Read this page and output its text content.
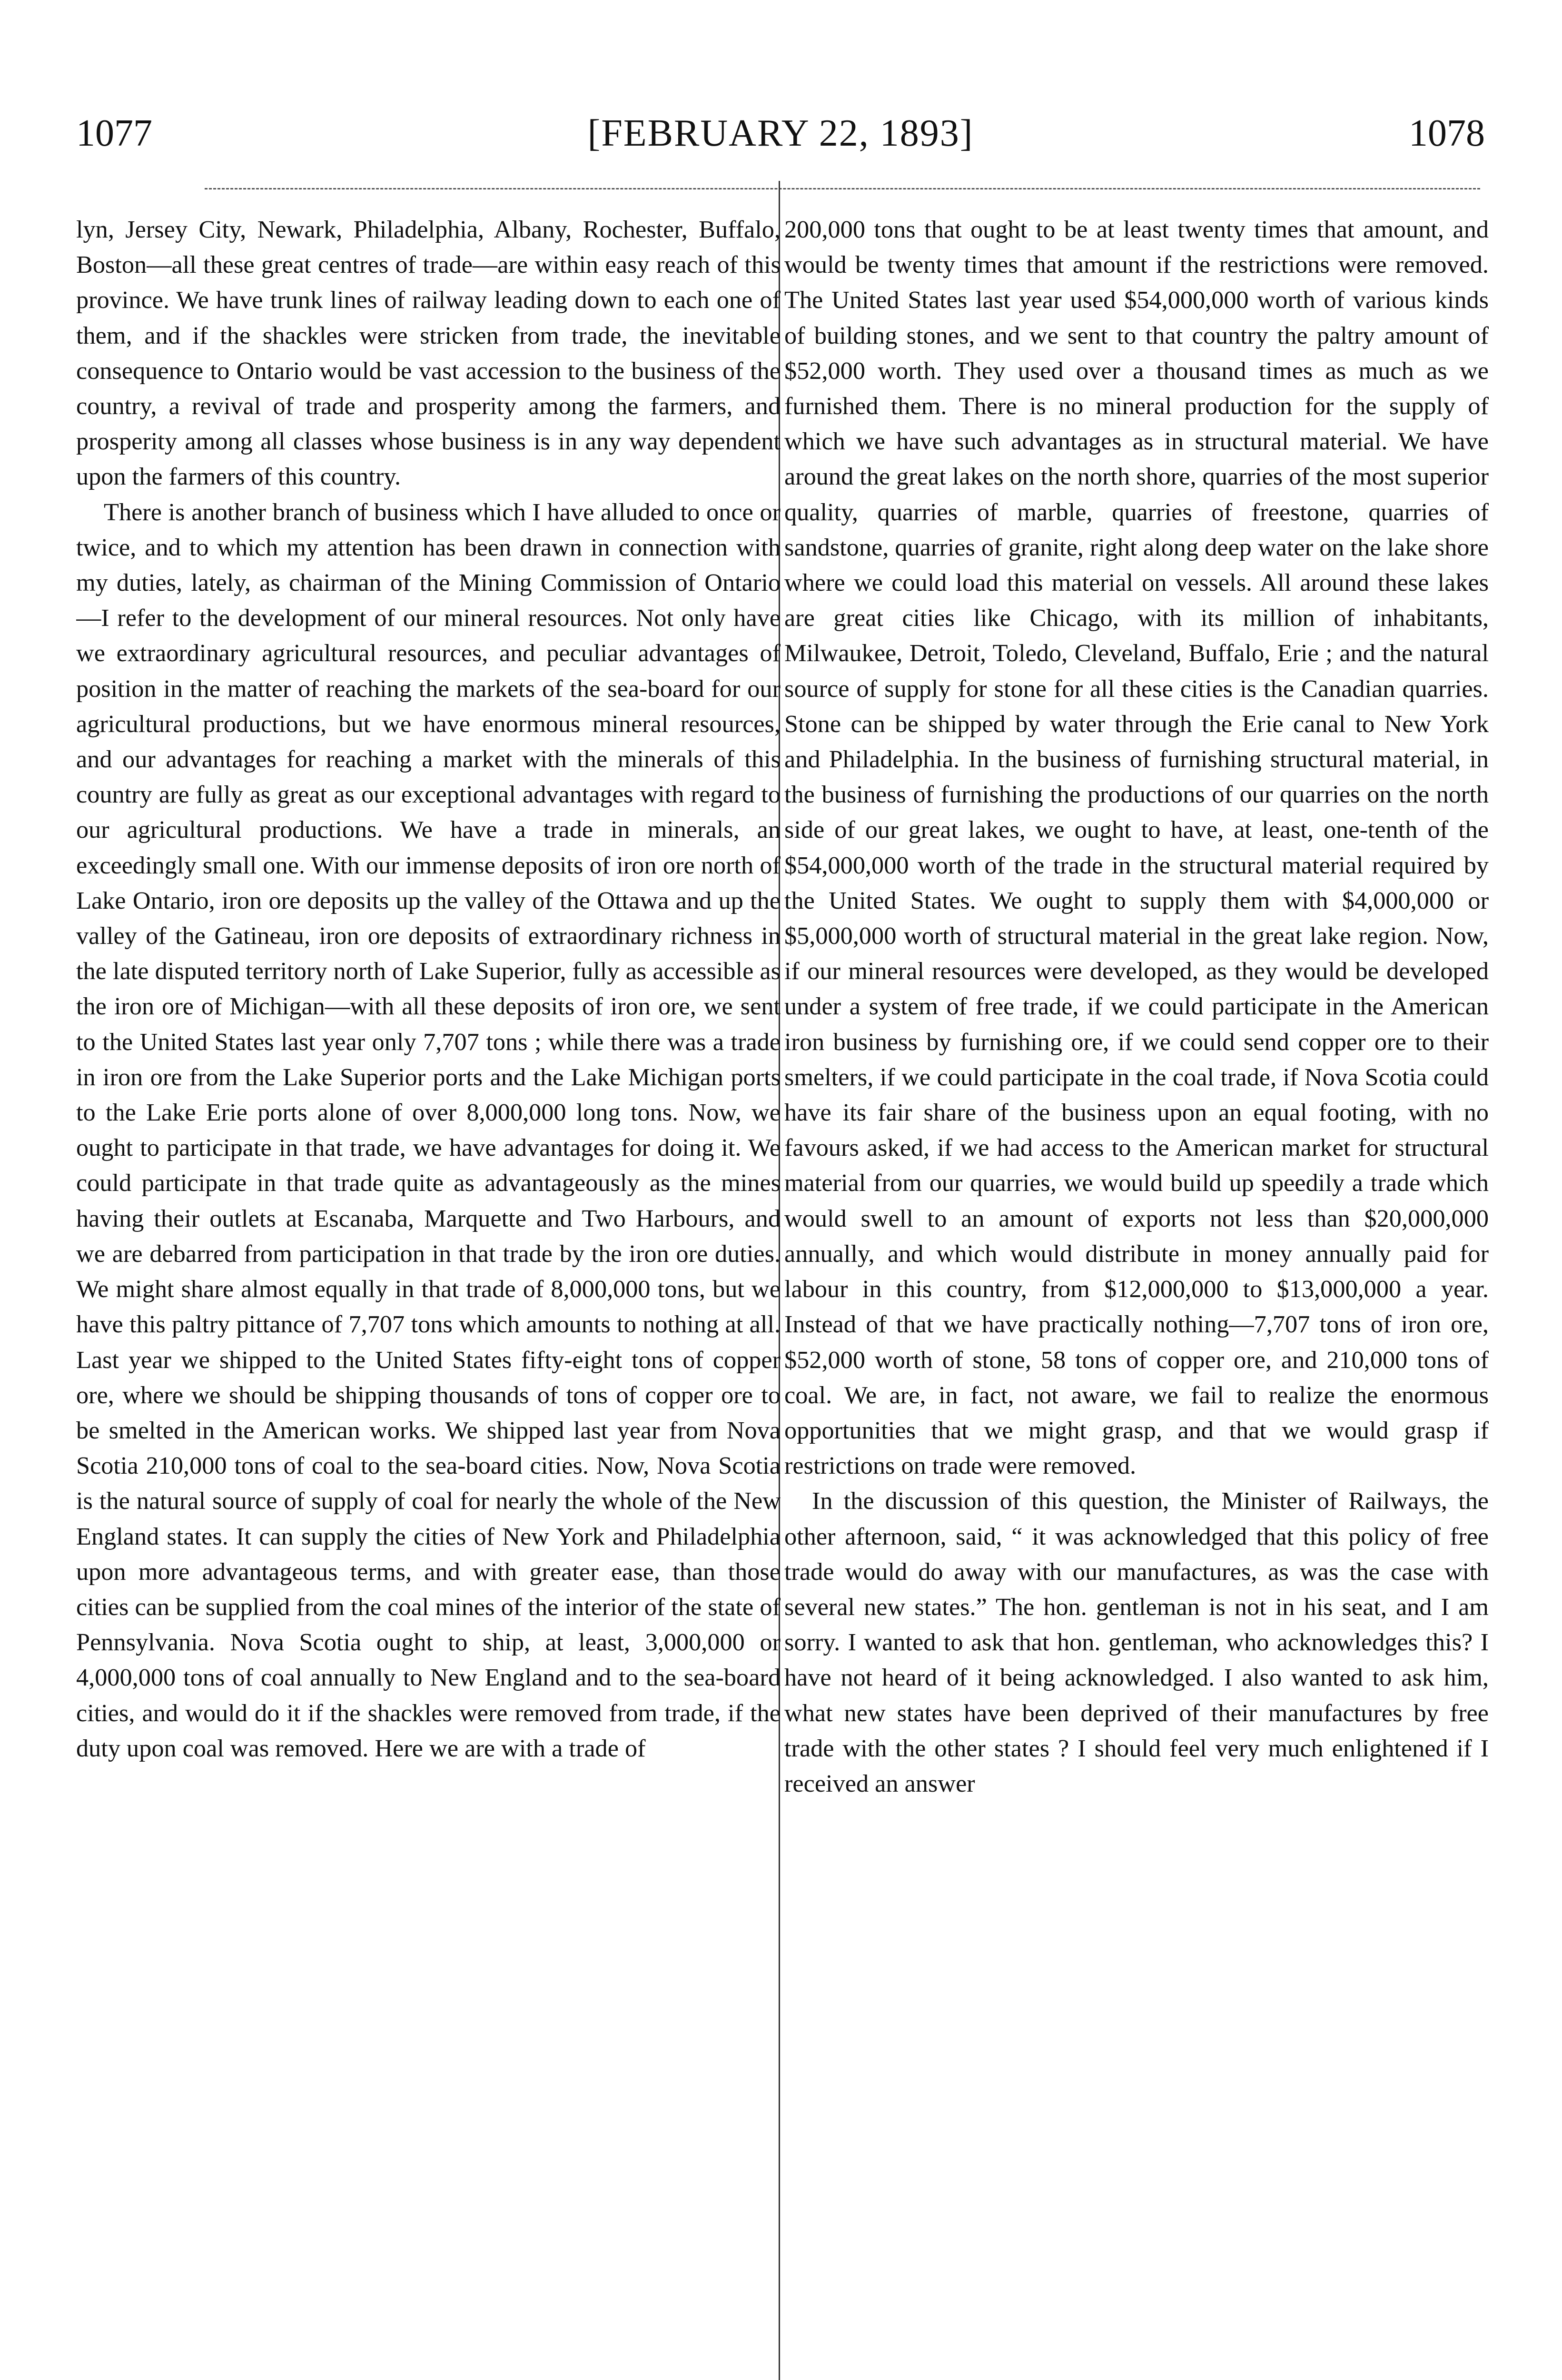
1077	[FEBRUARY 22, 1893]	1078

lyn, Jersey City, Newark, Philadelphia, Albany, Rochester, Buffalo, Boston—all these great centres of trade—are within easy reach of this province. We have trunk lines of railway leading down to each one of them, and if the shackles were stricken from trade, the inevitable consequence to Ontario would be vast accession to the business of the country, a revival of trade and prosperity among the farmers, and prosperity among all classes whose business is in any way dependent upon the farmers of this country.

There is another branch of business which I have alluded to once or twice, and to which my attention has been drawn in connection with my duties, lately, as chairman of the Mining Commission of Ontario—I refer to the development of our mineral resources. Not only have we extraordinary agricultural resources, and peculiar advantages of position in the matter of reaching the markets of the sea-board for our agricultural productions, but we have enormous mineral resources, and our advantages for reaching a market with the minerals of this country are fully as great as our exceptional advantages with regard to our agricultural productions. We have a trade in minerals, an exceedingly small one. With our immense deposits of iron ore north of Lake Ontario, iron ore deposits up the valley of the Ottawa and up the valley of the Gatineau, iron ore deposits of extraordinary richness in the late disputed territory north of Lake Superior, fully as accessible as the iron ore of Michigan—with all these deposits of iron ore, we sent to the United States last year only 7,707 tons ; while there was a trade in iron ore from the Lake Superior ports and the Lake Michigan ports to the Lake Erie ports alone of over 8,000,000 long tons. Now, we ought to participate in that trade, we have advantages for doing it. We could participate in that trade quite as advantageously as the mines having their outlets at Escanaba, Marquette and Two Harbours, and we are debarred from participation in that trade by the iron ore duties. We might share almost equally in that trade of 8,000,000 tons, but we have this paltry pittance of 7,707 tons which amounts to nothing at all. Last year we shipped to the United States fifty-eight tons of copper ore, where we should be shipping thousands of tons of copper ore to be smelted in the American works. We shipped last year from Nova Scotia 210,000 tons of coal to the sea-board cities. Now, Nova Scotia is the natural source of supply of coal for nearly the whole of the New England states. It can supply the cities of New York and Philadelphia upon more advantageous terms, and with greater ease, than those cities can be supplied from the coal mines of the interior of the state of Pennsylvania. Nova Scotia ought to ship, at least, 3,000,000 or 4,000,000 tons of coal annually to New England and to the sea-board cities, and would do it if the shackles were removed from trade, if the duty upon coal was removed. Here we are with a trade of

200,000 tons that ought to be at least twenty times that amount, and would be twenty times that amount if the restrictions were removed. The United States last year used $54,000,000 worth of various kinds of building stones, and we sent to that country the paltry amount of $52,000 worth. They used over a thousand times as much as we furnished them. There is no mineral production for the supply of which we have such advantages as in structural material. We have around the great lakes on the north shore, quarries of the most superior quality, quarries of marble, quarries of freestone, quarries of sandstone, quarries of granite, right along deep water on the lake shore where we could load this material on vessels. All around these lakes are great cities like Chicago, with its million of inhabitants, Milwaukee, Detroit, Toledo, Cleveland, Buffalo, Erie ; and the natural source of supply for stone for all these cities is the Canadian quarries. Stone can be shipped by water through the Erie canal to New York and Philadelphia. In the business of furnishing structural material, in the business of furnishing the productions of our quarries on the north side of our great lakes, we ought to have, at least, one-tenth of the $54,000,000 worth of the trade in the structural material required by the United States. We ought to supply them with $4,000,000 or $5,000,000 worth of structural material in the great lake region. Now, if our mineral resources were developed, as they would be developed under a system of free trade, if we could participate in the American iron business by furnishing ore, if we could send copper ore to their smelters, if we could participate in the coal trade, if Nova Scotia could have its fair share of the business upon an equal footing, with no favours asked, if we had access to the American market for structural material from our quarries, we would build up speedily a trade which would swell to an amount of exports not less than $20,000,000 annually, and which would distribute in money annually paid for labour in this country, from $12,000,000 to $13,000,000 a year. Instead of that we have practically nothing—7,707 tons of iron ore, $52,000 worth of stone, 58 tons of copper ore, and 210,000 tons of coal. We are, in fact, not aware, we fail to realize the enormous opportunities that we might grasp, and that we would grasp if restrictions on trade were removed.

In the discussion of this question, the Minister of Railways, the other afternoon, said, “ it was acknowledged that this policy of free trade would do away with our manufactures, as was the case with several new states.” The hon. gentleman is not in his seat, and I am sorry. I wanted to ask that hon. gentleman, who acknowledges this? I have not heard of it being acknowledged. I also wanted to ask him, what new states have been deprived of their manufactures by free trade with the other states ? I should feel very much enlightened if I received an answer
